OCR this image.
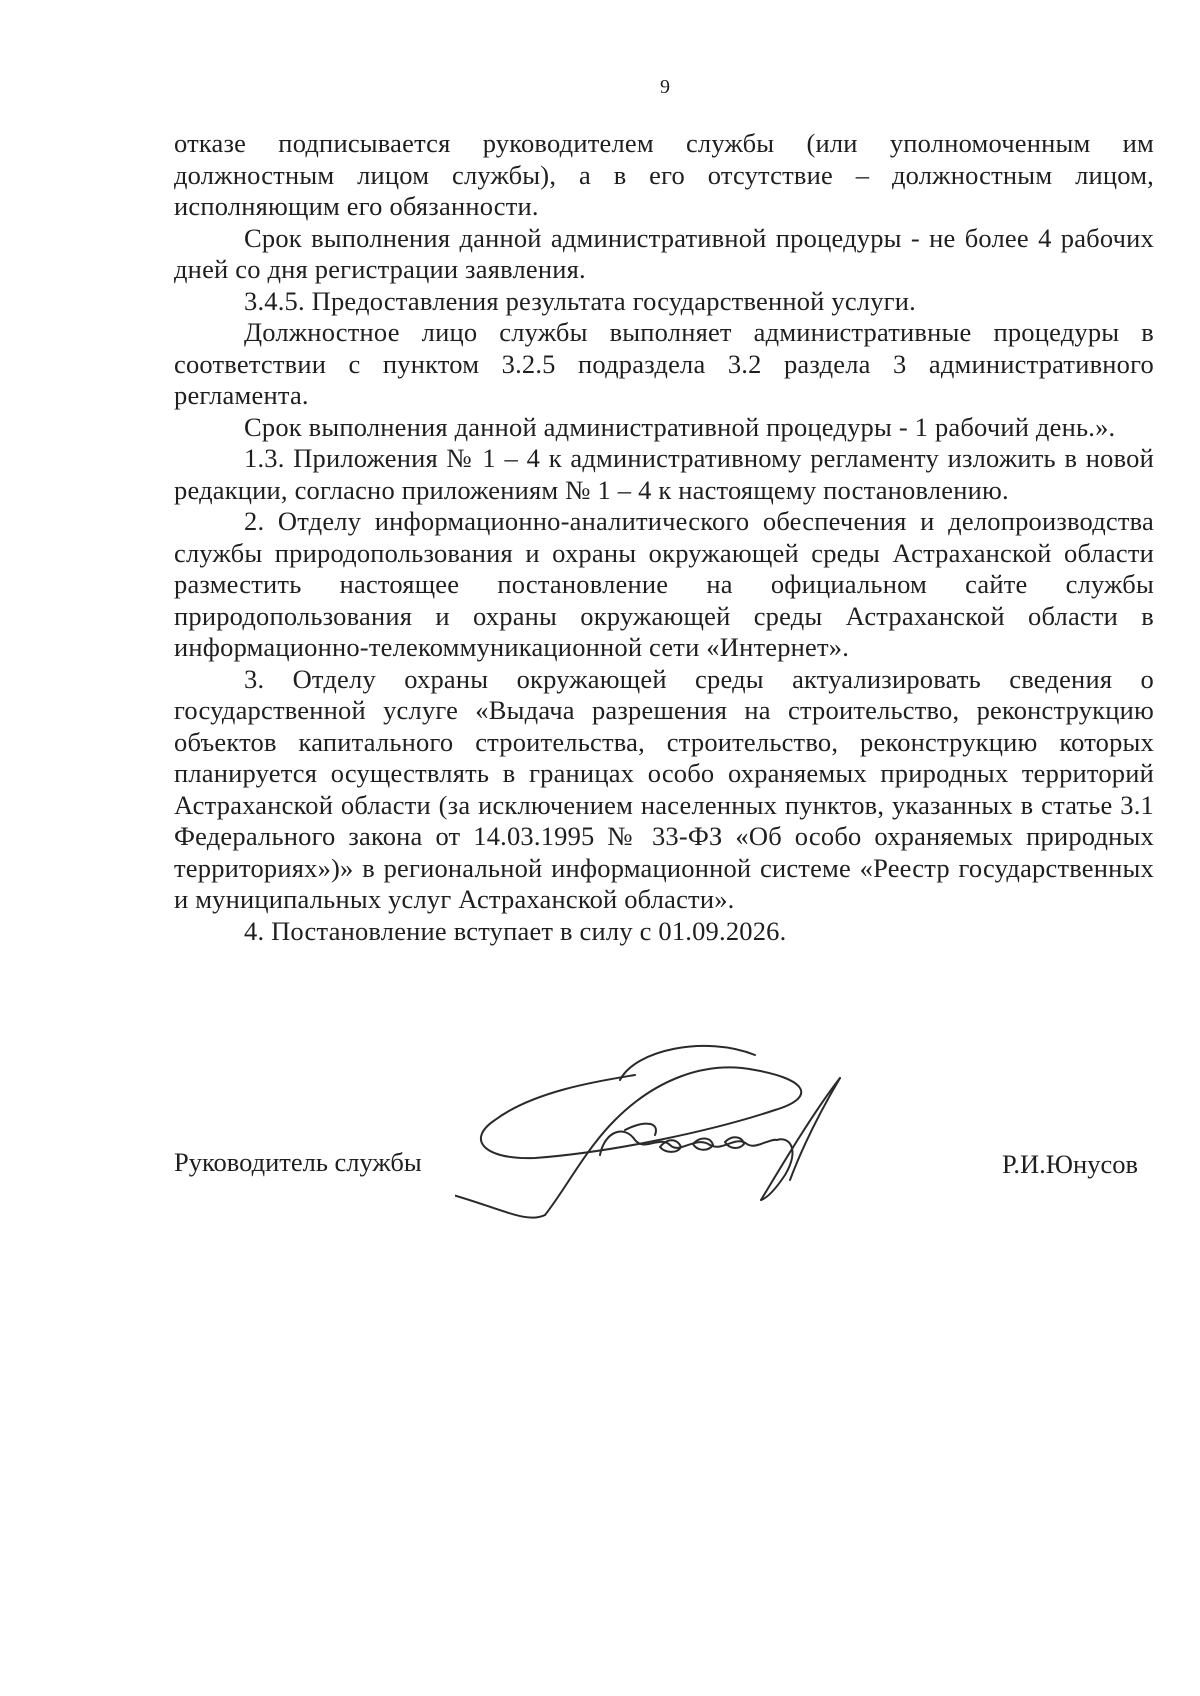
9

отказе подписывается руководителем службы (или уполномоченным им должностным лицом службы), а в его отсутствие – должностным лицом, исполняющим его обязанности.

Срок выполнения данной административной процедуры - не более 4 рабочих дней со дня регистрации заявления.

3.4.5. Предоставления результата государственной услуги.

Должностное лицо службы выполняет административные процедуры в соответствии с пунктом 3.2.5 подраздела 3.2 раздела 3 административного регламента.

Срок выполнения данной административной процедуры - 1 рабочий день.».

1.3. Приложения № 1 – 4 к административному регламенту изложить в новой редакции, согласно приложениям № 1 – 4 к настоящему постановлению.

2. Отделу информационно-аналитического обеспечения и делопроизводства службы природопользования и охраны окружающей среды Астраханской области разместить настоящее постановление на официальном сайте службы природопользования и охраны окружающей среды Астраханской области в информационно-телекоммуникационной сети «Интернет».

3. Отделу охраны окружающей среды актуализировать сведения о государственной услуге «Выдача разрешения на строительство, реконструкцию объектов капитального строительства, строительство, реконструкцию которых планируется осуществлять в границах особо охраняемых природных территорий Астраханской области (за исключением населенных пунктов, указанных в статье 3.1 Федерального закона от 14.03.1995 № 33-ФЗ «Об особо охраняемых природных территориях»)» в региональной информационной системе «Реестр государственных и муниципальных услуг Астраханской области».

4. Постановление вступает в силу с 01.09.2026.

Руководитель службы	Р.И.Юнусов
